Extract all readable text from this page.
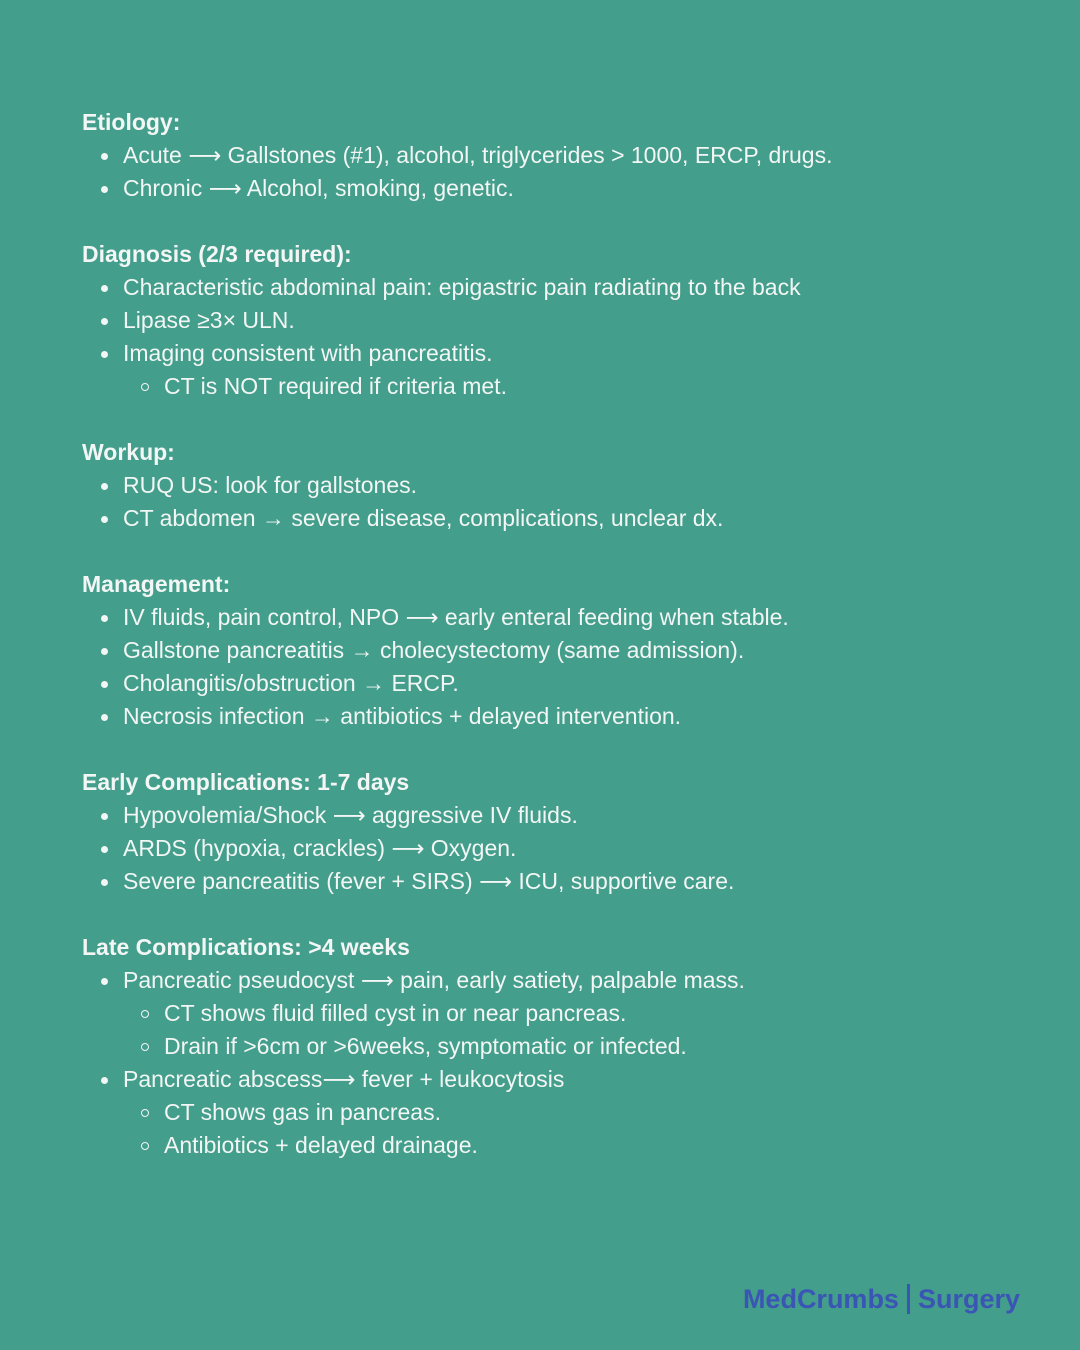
Etiology:
Acute ⟶ Gallstones (#1), alcohol, triglycerides > 1000, ERCP, drugs.
Chronic ⟶ Alcohol, smoking, genetic.
Diagnosis (2/3 required):
Characteristic abdominal pain: epigastric pain radiating to the back
Lipase ≥3× ULN.
Imaging consistent with pancreatitis.
CT is NOT required if criteria met.
Workup:
RUQ US: look for gallstones.
CT abdomen → severe disease, complications, unclear dx.
Management:
IV fluids, pain control, NPO ⟶ early enteral feeding when stable.
Gallstone pancreatitis → cholecystectomy (same admission).
Cholangitis/obstruction → ERCP.
Necrosis infection → antibiotics + delayed intervention.
Early Complications: 1-7 days
Hypovolemia/Shock ⟶ aggressive IV fluids.
ARDS (hypoxia, crackles) ⟶ Oxygen.
Severe pancreatitis (fever + SIRS) ⟶ ICU, supportive care.
Late Complications: >4 weeks
Pancreatic pseudocyst ⟶ pain, early satiety, palpable mass.
CT shows fluid filled cyst in or near pancreas.
Drain if >6cm or >6weeks, symptomatic or infected.
Pancreatic abscess⟶ fever + leukocytosis
CT shows gas in pancreas.
Antibiotics + delayed drainage.
MedCrumbs Surgery
